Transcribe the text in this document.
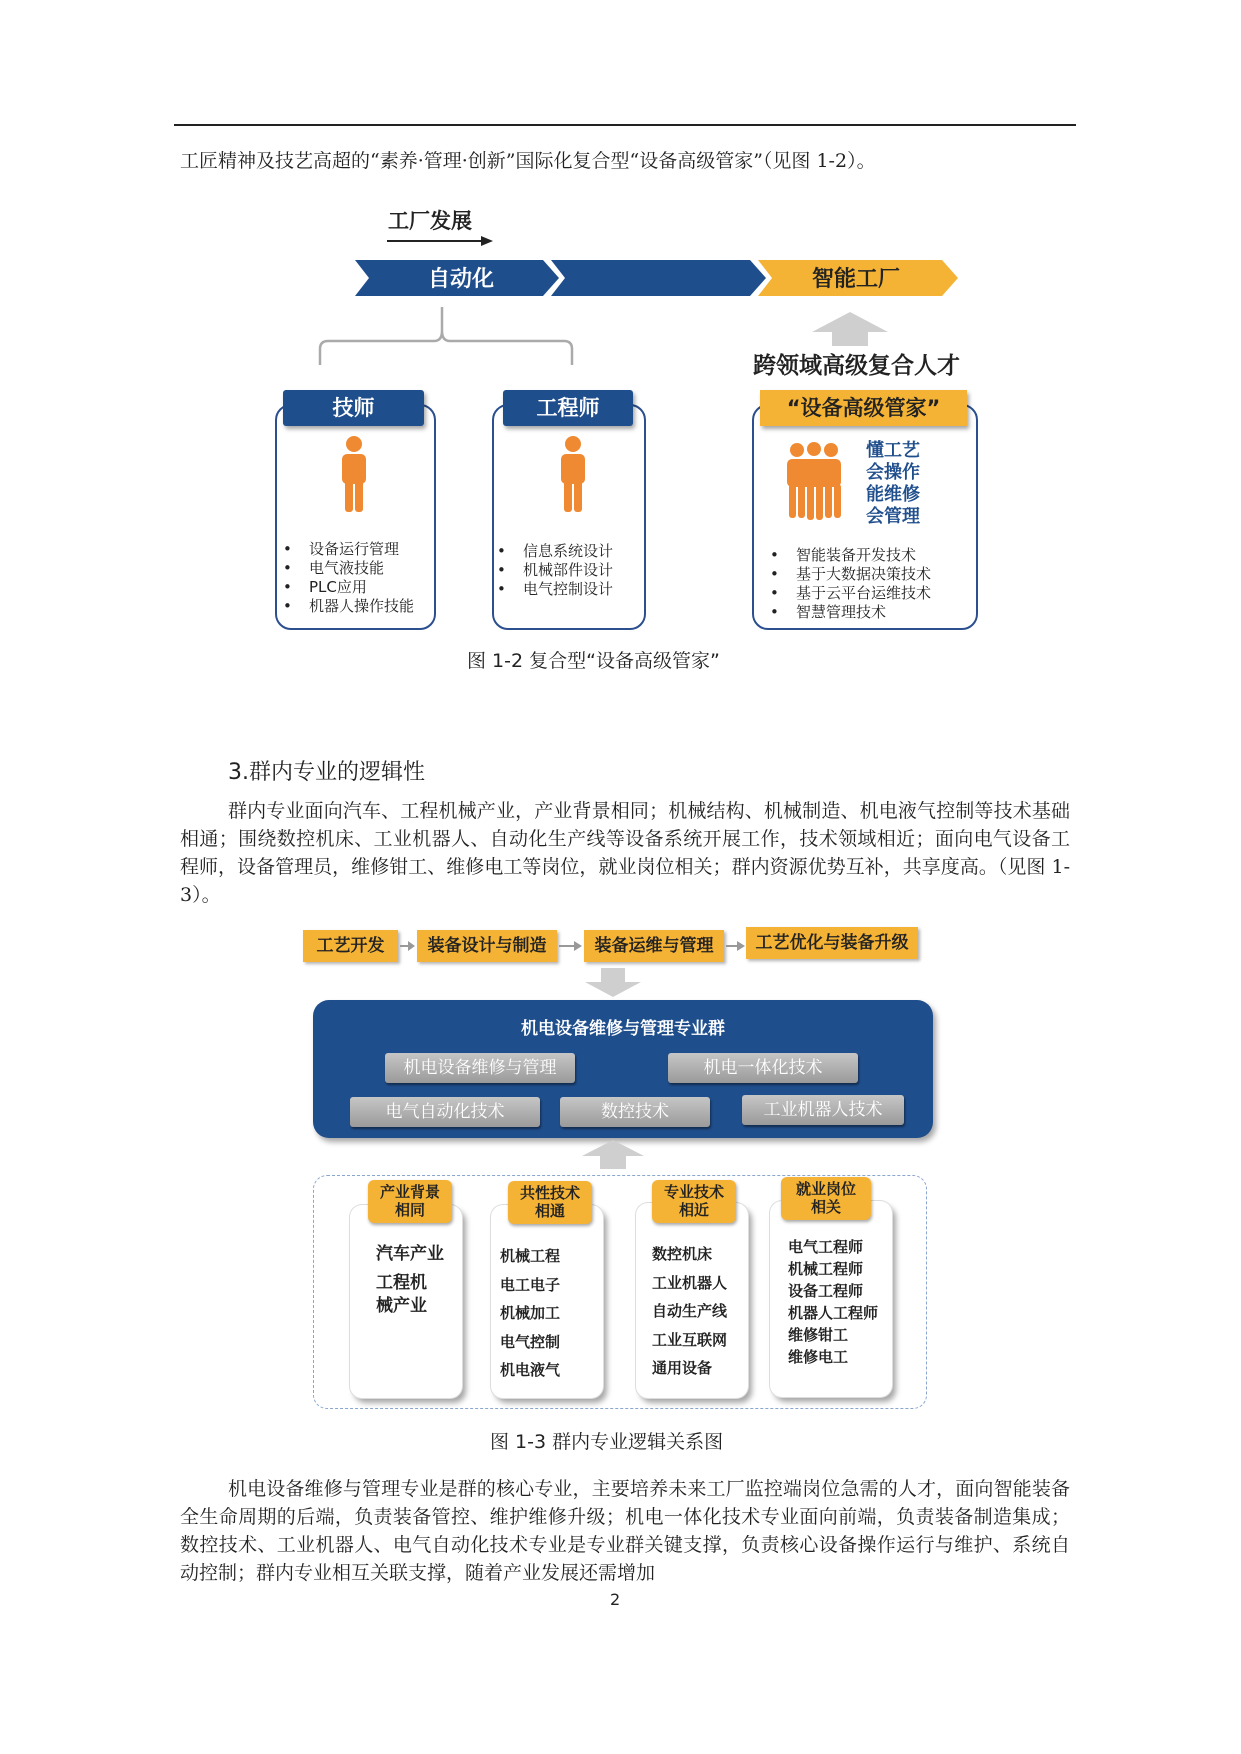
工匠精神及技艺高超的“素养·管理·创新”国际化复合型“设备高级管家”（见图 1-2）。
工厂发展
自动化	智能工厂
跨领域高级复合人才
技师
• 设备运行管理
• 电气液技能
• PLC应用
• 机器人操作技能
工程师
• 信息系统设计
• 机械部件设计
• 电气控制设计
“设备高级管家”
懂工艺
会操作
能维修
会管理
• 智能装备开发技术
• 基于大数据决策技术
• 基于云平台运维技术
• 智慧管理技术
图 1-2 复合型“设备高级管家”
3.群内专业的逻辑性
群内专业面向汽车、工程机械产业，产业背景相同；机械结构、机械制造、机电液气控制等技术基础相通；围绕数控机床、工业机器人、自动化生产线等设备系统开展工作，技术领域相近；面向电气设备工程师，设备管理员，维修钳工、维修电工等岗位，就业岗位相关；群内资源优势互补，共享度高。（见图 1-3）。
工艺开发	装备设计与制造	装备运维与管理	工艺优化与装备升级
机电设备维修与管理专业群
机电设备维修与管理	机电一体化技术
电气自动化技术	数控技术	工业机器人技术
产业背景
相同
汽车产业
工程机
械产业
共性技术
相通
机械工程
电工电子
机械加工
电气控制
机电液气
专业技术
相近
数控机床
工业机器人
自动生产线
工业互联网
通用设备
就业岗位
相关
电气工程师
机械工程师
设备工程师
机器人工程师
维修钳工
维修电工
图 1-3 群内专业逻辑关系图
机电设备维修与管理专业是群的核心专业，主要培养未来工厂监控端岗位急需的人才，面向智能装备全生命周期的后端，负责装备管控、维护维修升级；机电一体化技术专业面向前端，负责装备制造集成；数控技术、工业机器人、电气自动化技术专业是专业群关键支撑，负责核心设备操作运行与维护、系统自动控制；群内专业相互关联支撑，随着产业发展还需增加
2
